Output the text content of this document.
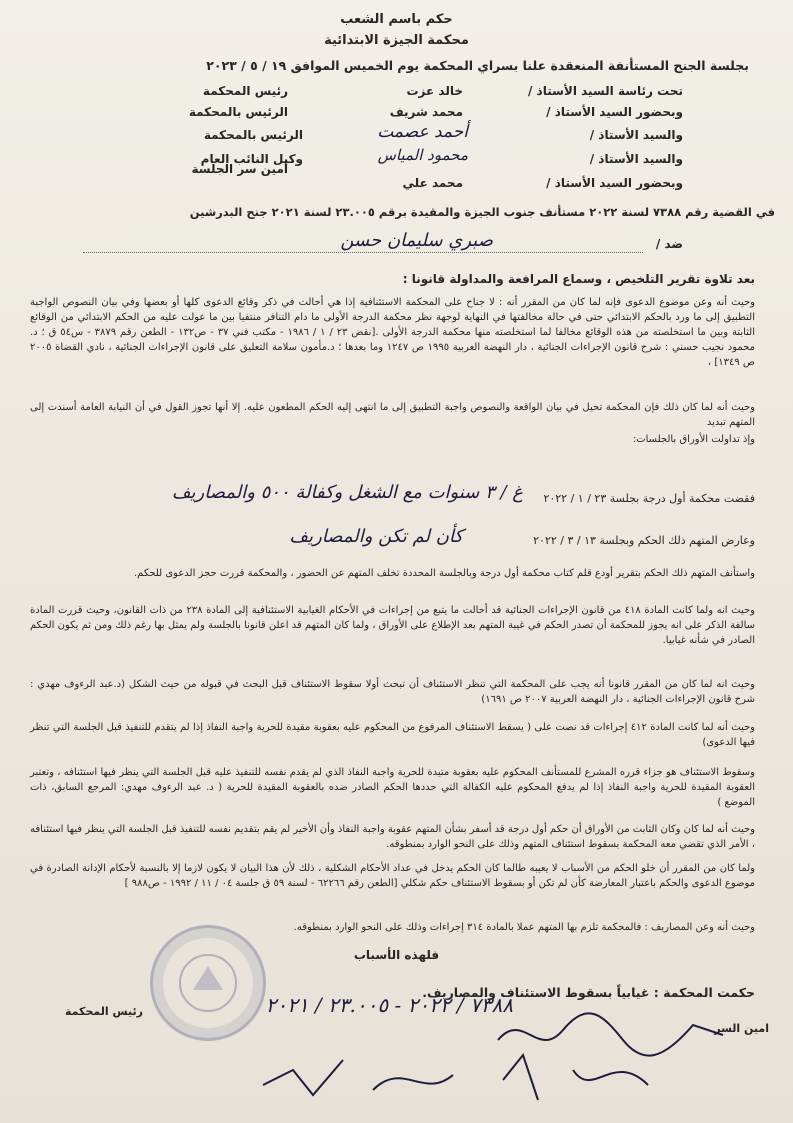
حكم باسم الشعب
محكمة الجيزة الابتدائية
بجلسة الجنح المستأنفة المنعقدة علنا بسراي المحكمة يوم الخميس الموافق ١٩ / ٥ / ٢٠٢٣
تحت رئاسة السيد الأستاذ /
خالد عزت
رئيس المحكمة
وبحضور السيد الأستاذ /
محمد شريف
الرئيس بالمحكمة
والسيد الأستاذ /
أحمد عصمت
الرئيس بالمحكمة
والسيد الأستاذ /
محمود المياس
وكيل النائب العام
وبحضور السيد الأستاذ /
محمد علي
أمين سر الجلسة
في القضية رقم ٧٣٨٨ لسنة ٢٠٢٢ مستأنف جنوب الجيزة والمقيدة برقم ٢٣.٠٠٥ لسنة ٢٠٢١ جنح البدرشين
ضد /
صبري سليمان حسن
بعد تلاوة تقرير التلخيص ، وسماع المرافعة والمداولة قانونا :
وحيث أنه وعن موضوع الدعوى فإنه لما كان من المقرر أنه : لا جناح على المحكمة الاستئنافية إذا هي أحالت في ذكر وقائع الدعوى كلها أو بعضها وفي بيان النصوص الواجبة التطبيق إلى ما ورد بالحكم الابتدائي حتى في حالة مخالفتها في النهاية لوجهة نظر محكمة الدرجة الأولى ما دام التنافر منتفيا بين ما عولت عليه من الحكم الابتدائي من الوقائع الثابتة وبين ما استخلصته من هذه الوقائع مخالفا لما استخلصته منها محكمة الدرجة الأولى .[نقض ٢٣ / ١ / ١٩٨٦ - مكتب فني ٣٧ - ص١٣٢ - الطعن رقم ٣٨٧٩ - س٥٤ ق ؛ د. محمود نجيب حسني : شرح قانون الإجراءات الجنائية ، دار النهضة العربية ١٩٩٥ ص ١٢٤٧ وما بعدها ؛ د.مأمون سلامة التعليق على قانون الإجراءات الجنائية ، نادي القضاة ٢٠٠٥ ص ١٣٤٩] ،
وحيث أنه لما كان ذلك فإن المحكمة تحيل في بيان الواقعة والنصوص واجبة التطبيق إلى ما انتهى إليه الحكم المطعون عليه. إلا أنها تجوز القول في أن النيابة العامة أسندت إلى المتهم تبديد
وإذ تداولت الأوراق بالجلسات:
فقضت محكمة أول درجة بجلسة ٢٣ / ١ / ٢٠٢٢
غ / ٣ سنوات مع الشغل وكفالة ٥٠٠ والمصاريف
وعارض المتهم ذلك الحكم وبجلسة ١٣ / ٣ / ٢٠٢٢
كأن لم تكن والمصاريف
واستأنف المتهم ذلك الحكم بتقرير أودع قلم كتاب محكمة أول درجة وبالجلسة المحددة تخلف المتهم عن الحضور ، والمحكمة قررت حجز الدعوى للحكم.
وحيث انه ولما كانت المادة ٤١٨ من قانون الإجراءات الجنائية قد أحالت ما يتبع من إجراءات في الأحكام الغيابية الاستئنافية إلى المادة ٢٣٨ من ذات القانون، وحيث قررت المادة سالفة الذكر على انه يجوز للمحكمة أن تصدر الحكم في غيبة المتهم بعد الإطلاع على الأوراق ، ولما كان المتهم قد اعلن قانونا بالجلسة ولم يمثل بها رغم ذلك ومن ثم يكون الحكم الصادر في شأنه غيابيا.
وحيث انه لما كان من المقرر قانونا أنه يجب على المحكمة التي تنظر الاستئناف أن تبحث أولا سقوط الاستئناف قبل البحث في قبوله من حيث الشكل (د.عبد الرءوف مهدي : شرح قانون الإجراءات الجنائية ، دار النهضة العربية ٢٠٠٧ ص ١٦٩١)
وحيث أنه لما كانت المادة ٤١٢ إجراءات قد نصت على ( يسقط الاستئناف المرفوع من المحكوم عليه بعقوبة مقيدة للحرية واجبة النفاذ إذا لم يتقدم للتنفيذ قبل الجلسة التي تنظر فيها الدعوى)
وسقوط الاستئناف هو جزاء قرره المشرع للمستأنف المحكوم عليه بعقوبة متيدة للحرية واجبة النفاذ الذي لم يقدم نفسه للتنفيذ عليه قبل الجلسة التي ينظر فيها استئنافه ، وتعتبر العقوبة المقيدة للحرية واجبة النفاذ إذا لم يدفع المحكوم عليه الكفالة التي حددها الحكم الصادر ضده بالعقوبة المقيدة للحرية ( د. عبد الرءوف مهدي: المرجع السابق، ذات الموضع )
وحيث أنه لما كان وكان الثابت من الأوراق أن حكم أول درجة قد أسفر بشأن المتهم عقوبة واجبة النفاذ وأن الأخير لم يقم بتقديم نفسه للتنفيذ قبل الجلسة التي ينظر فيها استئنافه ، الأمر الذي تقضي معه المحكمة بسقوط استئناف المتهم وذلك على النحو الوارد بمنطوقه.
ولما كان من المقرر أن خلو الحكم من الأسباب لا يعيبه طالما كان الحكم يدخل في عداد الأحكام الشكلية ، ذلك لأن هذا البيان لا يكون لازما إلا بالنسبة لأحكام الإدانة الصادرة في موضوع الدعوى والحكم باعتبار المعارضة كأن لم تكن أو بسقوط الاستئناف حكم شكلي [الطعن رقم ٦٢٢٦٦ - لسنة ٥٩ ق جلسة ٠٤ / ١١ / ١٩٩٢ - ص٩٨٨ ]
وحيث أنه وعن المصاريف : فالمحكمة تلزم بها المتهم عملا بالمادة ٣١٤ إجراءات وذلك على النحو الوارد بمنطوقه.
فلهذه الأسباب
حكمت المحكمة : غيابياً بسقوط الاستئناف والمصاريف.
امين السر
رئيس المحكمة	٧٣٨٨ / ٢٠٢٢ - ٢٣.٠٠٥ / ٢٠٢١
